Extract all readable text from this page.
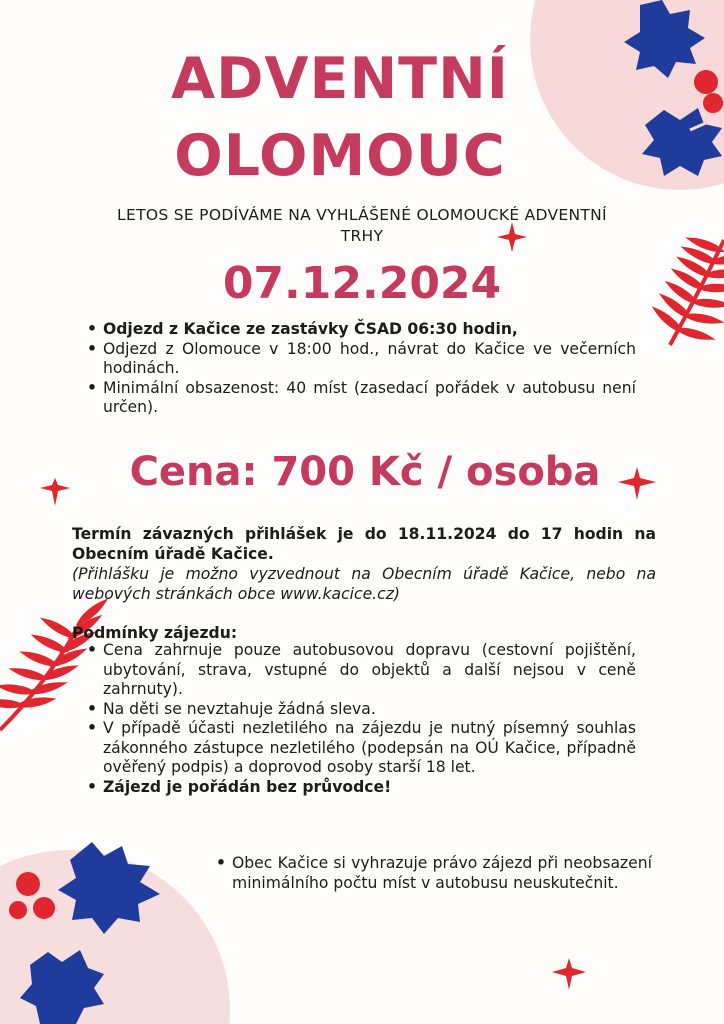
ADVENTNÍ
OLOMOUC
LETOS SE PODÍVÁME NA VYHLÁŠENÉ OLOMOUCKÉ ADVENTNÍ TRHY
07.12.2024
• Odjezd z Kačice ze zastávky ČSAD 06:30 hodin,
• Odjezd z Olomouce v 18:00 hod., návrat do Kačice ve večerních hodinách.
• Minimální obsazenost: 40 míst (zasedací pořádek v autobusu není určen).
Cena: 700 Kč / osoba
Termín závazných přihlášek je do 18.11.2024 do 17 hodin na Obecním úřadě Kačice.
(Přihlášku je možno vyzvednout na Obecním úřadě Kačice, nebo na webových stránkách obce www.kacice.cz)
Podmínky zájezdu:
• Cena zahrnuje pouze autobusovou dopravu (cestovní pojištění, ubytování, strava, vstupné do objektů a další nejsou v ceně zahrnuty).
• Na děti se nevztahuje žádná sleva.
• V případě účasti nezletilého na zájezdu je nutný písemný souhlas zákonného zástupce nezletilého (podepsán na OÚ Kačice, případně ověřený podpis) a doprovod osoby starší 18 let.
• Zájezd je pořádán bez průvodce!
• Obec Kačice si vyhrazuje právo zájezd při neobsazení minimálního počtu míst v autobusu neuskutečnit.
